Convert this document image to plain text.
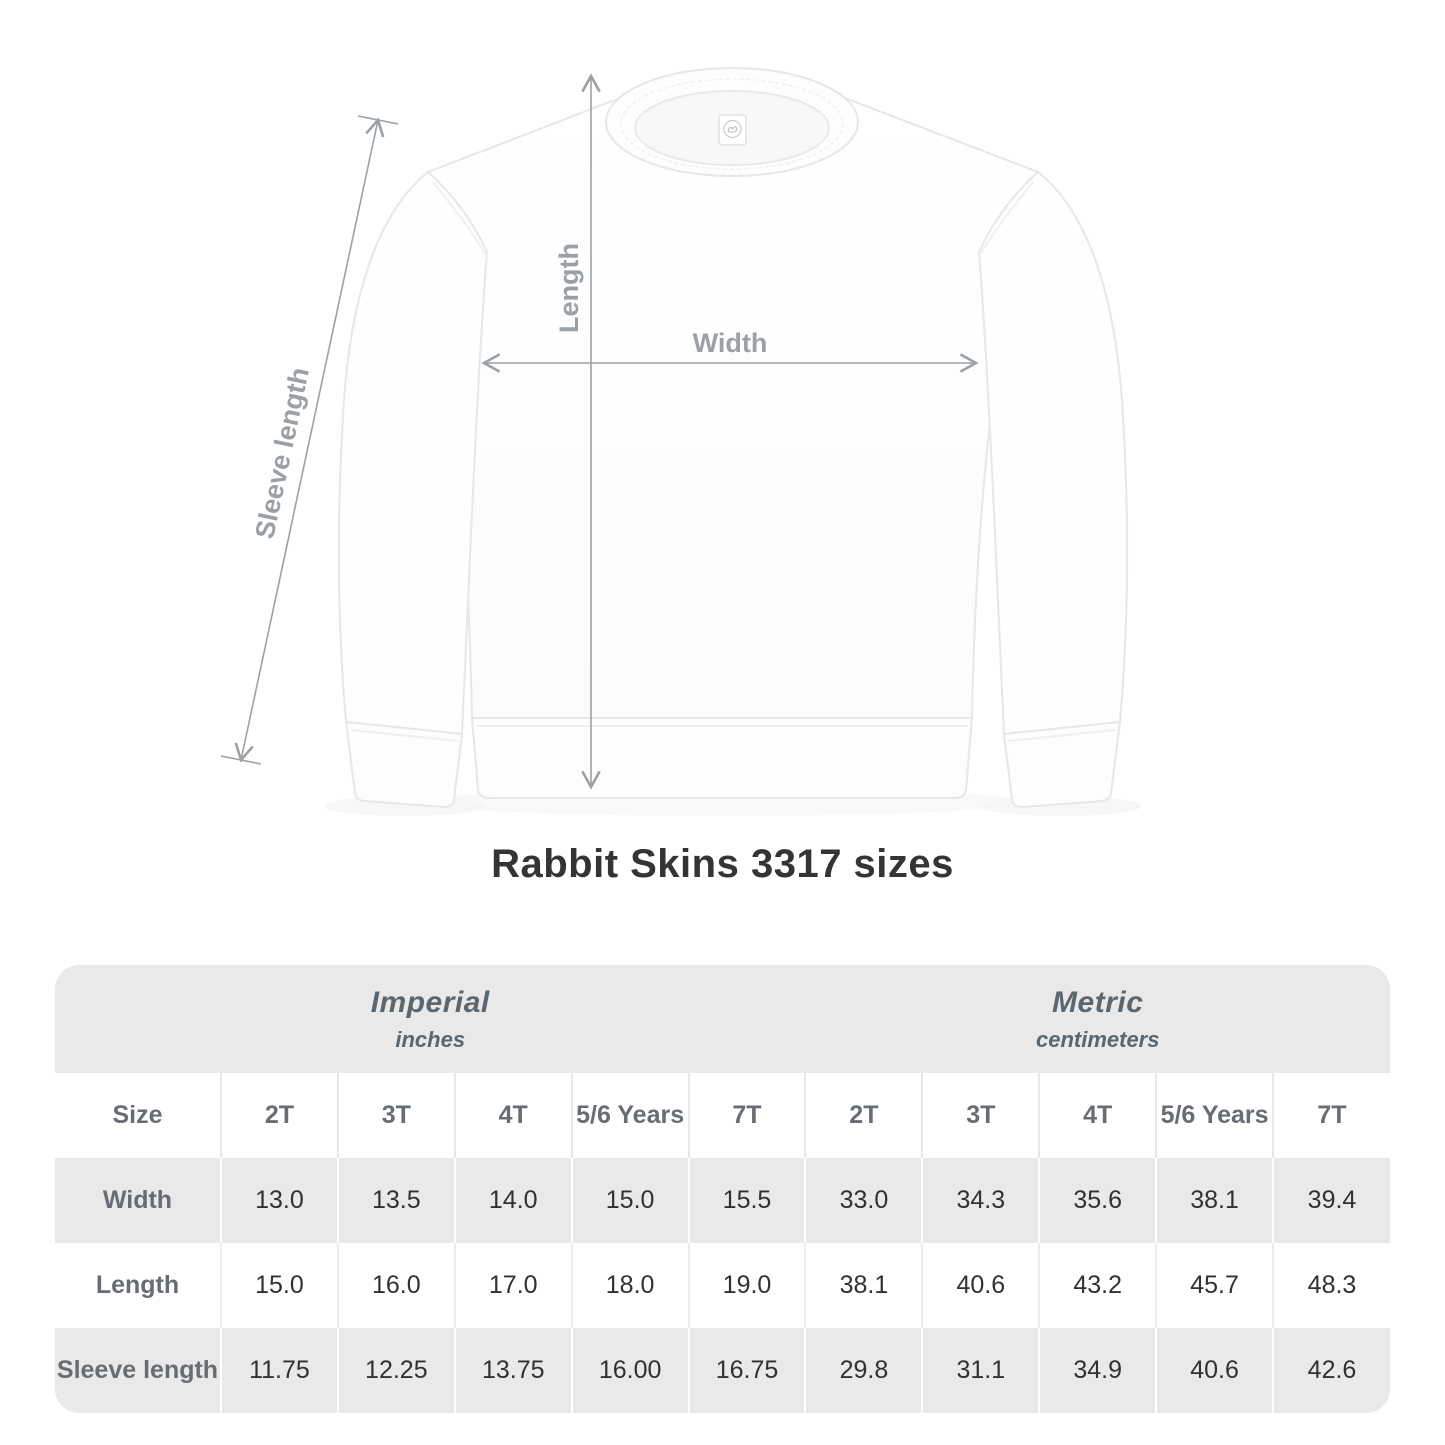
Sleeve length
Length
Width
Rabbit Skins 3317 sizes
Imperial
inches

Metric
centimeters

Size	2T	3T	4T	5/6 Years	7T	2T	3T	4T	5/6 Years	7T
Width	13.0	13.5	14.0	15.0	15.5	33.0	34.3	35.6	38.1	39.4
Length	15.0	16.0	17.0	18.0	19.0	38.1	40.6	43.2	45.7	48.3
Sleeve length	11.75	12.25	13.75	16.00	16.75	29.8	31.1	34.9	40.6	42.6
